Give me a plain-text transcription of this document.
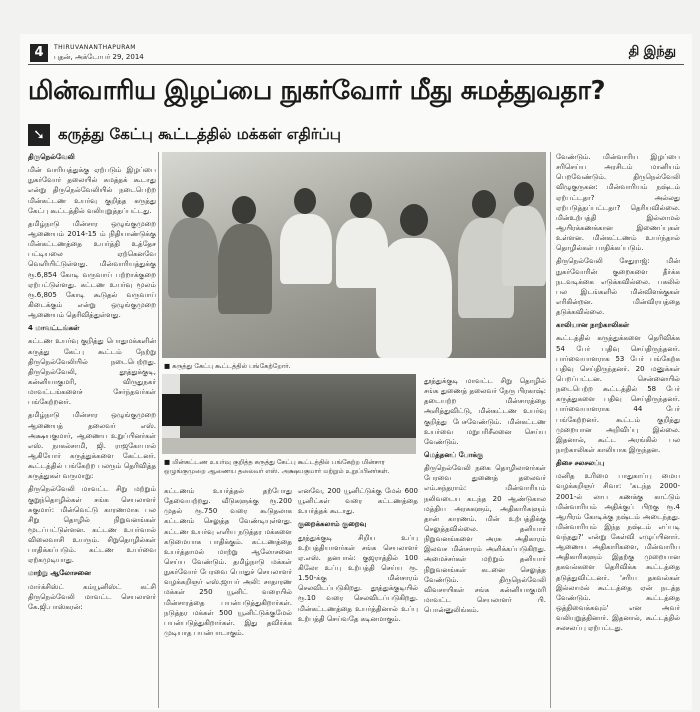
4	THIRUVANANTHAPURAM
புதன், அக்டோபர் 29, 2014	தி இந்து
மின்வாரிய இழப்பை நுகர்வோர் மீது சுமத்துவதா?
➘ கருத்து கேட்பு கூட்டத்தில் மக்கள் எதிர்ப்பு

திருநெல்வேலி

மின் வாரியத்துக்கு ஏற்படும் இழப்பை நுகர்வோர் தலையில் சுமத்தக் கூடாது என்று திருநெல்வேலியில் நடைபெற்ற மின்கட்டண உயர்வு குறித்த கருத்து கேட்பு கூட்டத்தில் வலியுறுத்தப்பட்டது.

தமிழ்நாடு மின்சார ஒழுங்குமுறை ஆணையம் 2014-15 ம் நிதியாண்டுக்கு மின்கட்டணத்தை உயர்த்தி உத்தேச பட்டியலை ஏற்கெனவே வெளியிட்டுள்ளது. மின்வாரியத்துக்கு ரூ.6,854 கோடி வருவாய் பற்றாக்குறை ஏற்பட்டுள்ளது. கட்டண உயர்வு மூலம் ரூ.6,805 கோடி கூடுதல் வருவாய் கிடைக்கும் என்று ஒழுங்குமுறை ஆணையம் தெரிவித்துள்ளது.

4 மாவட்டங்கள்

கட்டண உயர்வு குறித்து பொதுமக்களின் கருத்து கேட்பு கூட்டம் நேற்று திருநெல்வேலியில் நடைபெற்றது. திருநெல்வேலி, தூத்துக்குடி, கன்னியாகுமரி, விருதுநகர் மாவட்டங்களைச் சேர்ந்தவர்கள் பங்கேற்றனர்.

தமிழ்நாடு மின்சார ஒழுங்குமுறை ஆணையத் தலைவர் எஸ். அக்ஷயகுமார், ஆணைய உறுப்பினர்கள் எஸ். நாகல்சாமி, ஜி. ராஜகோபால் ஆகியோர் கருத்துக்களை கேட்டனர். கூட்டத்தில் பங்கேற்ற பலரும் தெரிவித்த கருத்துகள் வருமாறு:

திருநெல்வேலி மாவட்ட சிறு மற்றும் குறுந்தொழில்கள் சங்க செயலாளர் சுகுமார்: மின்வெட்டு காரணமாக பல சிறு தொழில் நிறுவனங்கள் மூடப்பட்டுள்ளன. கட்டண உயர்வால் விலைவாசி உயரும். சிறுதொழில்கள் பாதிக்கப்படும். கட்டண உயர்வை ஏற்கமுடியாது.

மாற்று ஆலோசனை

மார்க்சிஸ்ட் கம்யூனிஸ்ட் கட்சி திருநெல்வேலி மாவட்ட செயலாளர் கே.ஜி.பாஸ்கரன்:

■ கருத்து கேட்பு கூட்டத்தில் பங்கேற்றோர்.
■ மின்கட்டண உயர்வு குறித்த கருத்து கேட்பு கூட்டத்தில் பங்கேற்ற மின்சார ஒழுங்குமுறை ஆணைய தலைவர் எஸ். அக்ஷயகுமார் மற்றும் உறுப்பினர்கள்.

கட்டணம் உயர்த்தல் தற்போது தேவையற்றது. வீடுகளுக்கு ரூ.200 முதல் ரூ.750 வரை கூடுதலாக கட்டணம் செலுத்த வேண்டியுள்ளது. கட்டண உயர்வு எளிய நடுத்தர மக்களை கடுமையாக பாதிக்கும். கட்டணத்தை உயர்த்தாமல் மாற்று ஆலோசனை செய்ய வேண்டும். தமிழ்நாடு மக்கள் நுகர்வோர் பேரவை பொதுச் செயலாளர் வழக்கறிஞர் எஸ்.ஜாபர் அலி: சாதாரண மக்கள் 250 யூனிட் வரையில் மின்சாரத்தை பயன்படுத்துகிறார்கள். நடுத்தர மக்கள் 500 யூனிட்டுக்குமேல் பயன்படுத்துகிறார்கள். இது தவிர்க்க முடியாத பயன்பாடாகும்.

எனவே, 200 யூனிட்டுக்கு மேல் 600 யூனிட்கள் வரை கட்டணத்தை உயர்த்தக் கூடாது.

குறைக்கலாம் குறைவு

தூத்துக்குடி சிறிய உப்பு உற்பத்தியாளர்கள் சங்க செயலாளர் ஏ.எஸ். தனபால்: குஜராத்தில் 100 கிலோ உப்பு உற்பத்தி செய்ய ரூ. 1.50-க்கு மின்சாரம் செலவிடப்படுகிறது. தூத்துக்குடியில் ரூ.10 வரை செலவிடப்படுகிறது. மின்கட்டணத்தை உயர்த்தினால் உப்பு உற்பத்தி செய்வதே கடினமாகும்.

தூத்துக்குடி மாவட்ட சிறு தொழில் சங்க துணைத் தலைவர் நேரு பிரகாஷ்: தடையற்ற மின்சாரத்தை அளித்துவிட்டு, மின்கட்டண உயர்வு குறித்து பேசவேண்டும். மின்கட்டண உயர்வை மறுபரிசீலனை செய்ய வேண்டும்.

மெத்தனப் போக்கு

திருநெல்வேலி நகை தொழிலாளர்கள் பேரவை துணைத் தலைவர் எம்.சுந்தராம்: மின்வாரியம் நலிவடைய கடந்த 20 ஆண்டுகால மத்திய அரசுகளும், அதிகாரிகளும் தான் காரணம். மின் உற்பத்திக்கு செலுத்தவில்லை. தனியார் நிறுவனங்களை அரசு அதிகாரம் இலவச மின்சாரம் அளிக்கப்படுகிறது. அமைச்சர்கள் மற்றும் தனியார் நிறுவனங்கள் கடனை செலுத்த வேண்டும். திருநெல்வேலி விவசாயிகள் சங்க கன்னியாகுமரி மாவட்ட செயலாளர் பி. பொன்னுலிங்கம்.

வேண்டும். மின்வாரிய இழப்பை சரிசெய்ய அரசிடம் மானியம் பெறவேண்டும். திருநெல்வேலி விழுகுருகன: மின்வாரியம் நஷ்டம் ஏற்பட்டதா? அல்லது ஏற்படுத்தப்பட்டதா? தெரியவில்லை. மின்உற்பத்தி இல்லாமல் ஆயிரக்கணக்கான இணைப்புகள் உள்ளன. மின்கட்டணம் உயர்ந்தால் தொழில்கள் பாதிக்கப்படும்.

திருநெல்வேலி சேதுராஜ்: மின் நுகர்வோரின் குறைகளை தீர்க்க நடவடிக்கை எடுக்கவில்லை. பகலில் பல இடங்களில் மின்விளக்குகள் எரிகின்றன. மின்விரயத்தை தடுக்கவில்லை.

காலியான நாற்காலிகள்

கூட்டத்தில் கருத்துக்களை தெரிவிக்க 54 பேர் பதிவு செய்திருந்தனர். பார்வையாளராக 53 பேர் பங்கேற்க பதிவு செய்திருந்தனர். 20 மனுக்கள் பெறப்பட்டன. சென்னையில் நடைபெற்ற கூட்டத்தில் 58 பேர் கருத்துகளை பதிவு செய்திருந்தனர். பார்வையாளராக 44 பேர் பங்கேற்றனர். கூட்டம் குறித்து முறையான அறிவிப்பு இல்லை. இதனால், கூட்ட அரங்கில் பல நாற்காலிகள் காலியாக இருந்தன.

திசை சலசலப்பு

மனித உரிமை பாதுகாப்பு மைய வழக்கறிஞர் சிவா: 'கடந்த 2000-2001-ல் லாப கணக்கு காட்டும் மின்வாரியம் அதிக்குப் பிறகு ரூ.4 ஆயிரம் கோடிக்கு நஷ்டம் அடைந்தது. மின்வாரியம் இந்த நஷ்டம் எப்படி வந்தது?' என்று கேள்வி எழுப்பினார். ஆணைய அதிகாரிகளை, மின்வாரிய அதிகாரிகளும் இதற்கு முறையான தகவல்களை தெரிவிக்க கூட்டத்தை தடுத்துவிட்டனர். 'சரிய தகவல்கள் இல்லாமல் கூட்டத்தை ஏன் நடத்த வேண்டும். கூட்டத்தை ஒத்திவைக்கவும்' என அவர் வலியுறுத்தினார். இதனால், கூட்டத்தில் சலசலப்பு ஏற்பட்டது.
